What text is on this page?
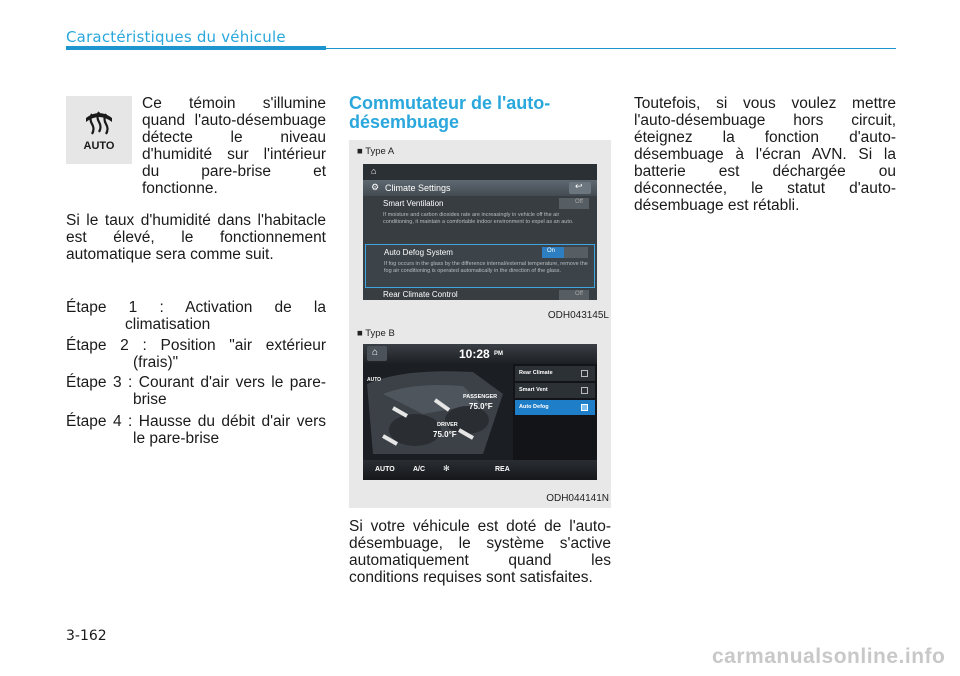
Caractéristiques du véhicule
AUTO
Ce témoin s'illumine quand l'auto-désembuage détecte le niveau d'humidité sur l'intérieur du pare-brise et fonctionne.
Si le taux d'humidité dans l'habitacle est élevé, le fonctionnement automatique sera comme suit.
Étape 1 : Activation de la climatisation
Étape 2 : Position "air extérieur (frais)"
Étape 3 : Courant d'air vers le pare-brise
Étape 4 : Hausse du débit d'air vers le pare-brise
Commutateur de l'auto-désembuage
■ Type A
⌂
⚙ Climate Settings	↩
Smart Ventilation	Off
If moisture and carbon dioxides rate are increasingly in vehicle off the air conditioning, it maintain a comfortable indoor environment to expel as an auto.
Auto Defog System	On
If fog occurs in the glass by the difference internal/external temperature, remove the fog air conditioning is operated automatically in the direction of the glass.
Rear Climate Control	Off
ODH043145L
■ Type B
⌂	10:28 PM
AUTO
PASSENGER
75.0°F
DRIVER
75.0°F
Rear Climate
Smart Vent
Auto Defog
AUTO	A/C ✻	REA
ODH044141N
Si votre véhicule est doté de l'auto-désembuage, le système s'active automatiquement quand les conditions requises sont satisfaites.
Toutefois, si vous voulez mettre l'auto-désembuage hors circuit, éteignez la fonction d'auto-désembuage à l'écran AVN. Si la batterie est déchargée ou déconnectée, le statut d'auto-désembuage est rétabli.
3-162
carmanualsonline.info
